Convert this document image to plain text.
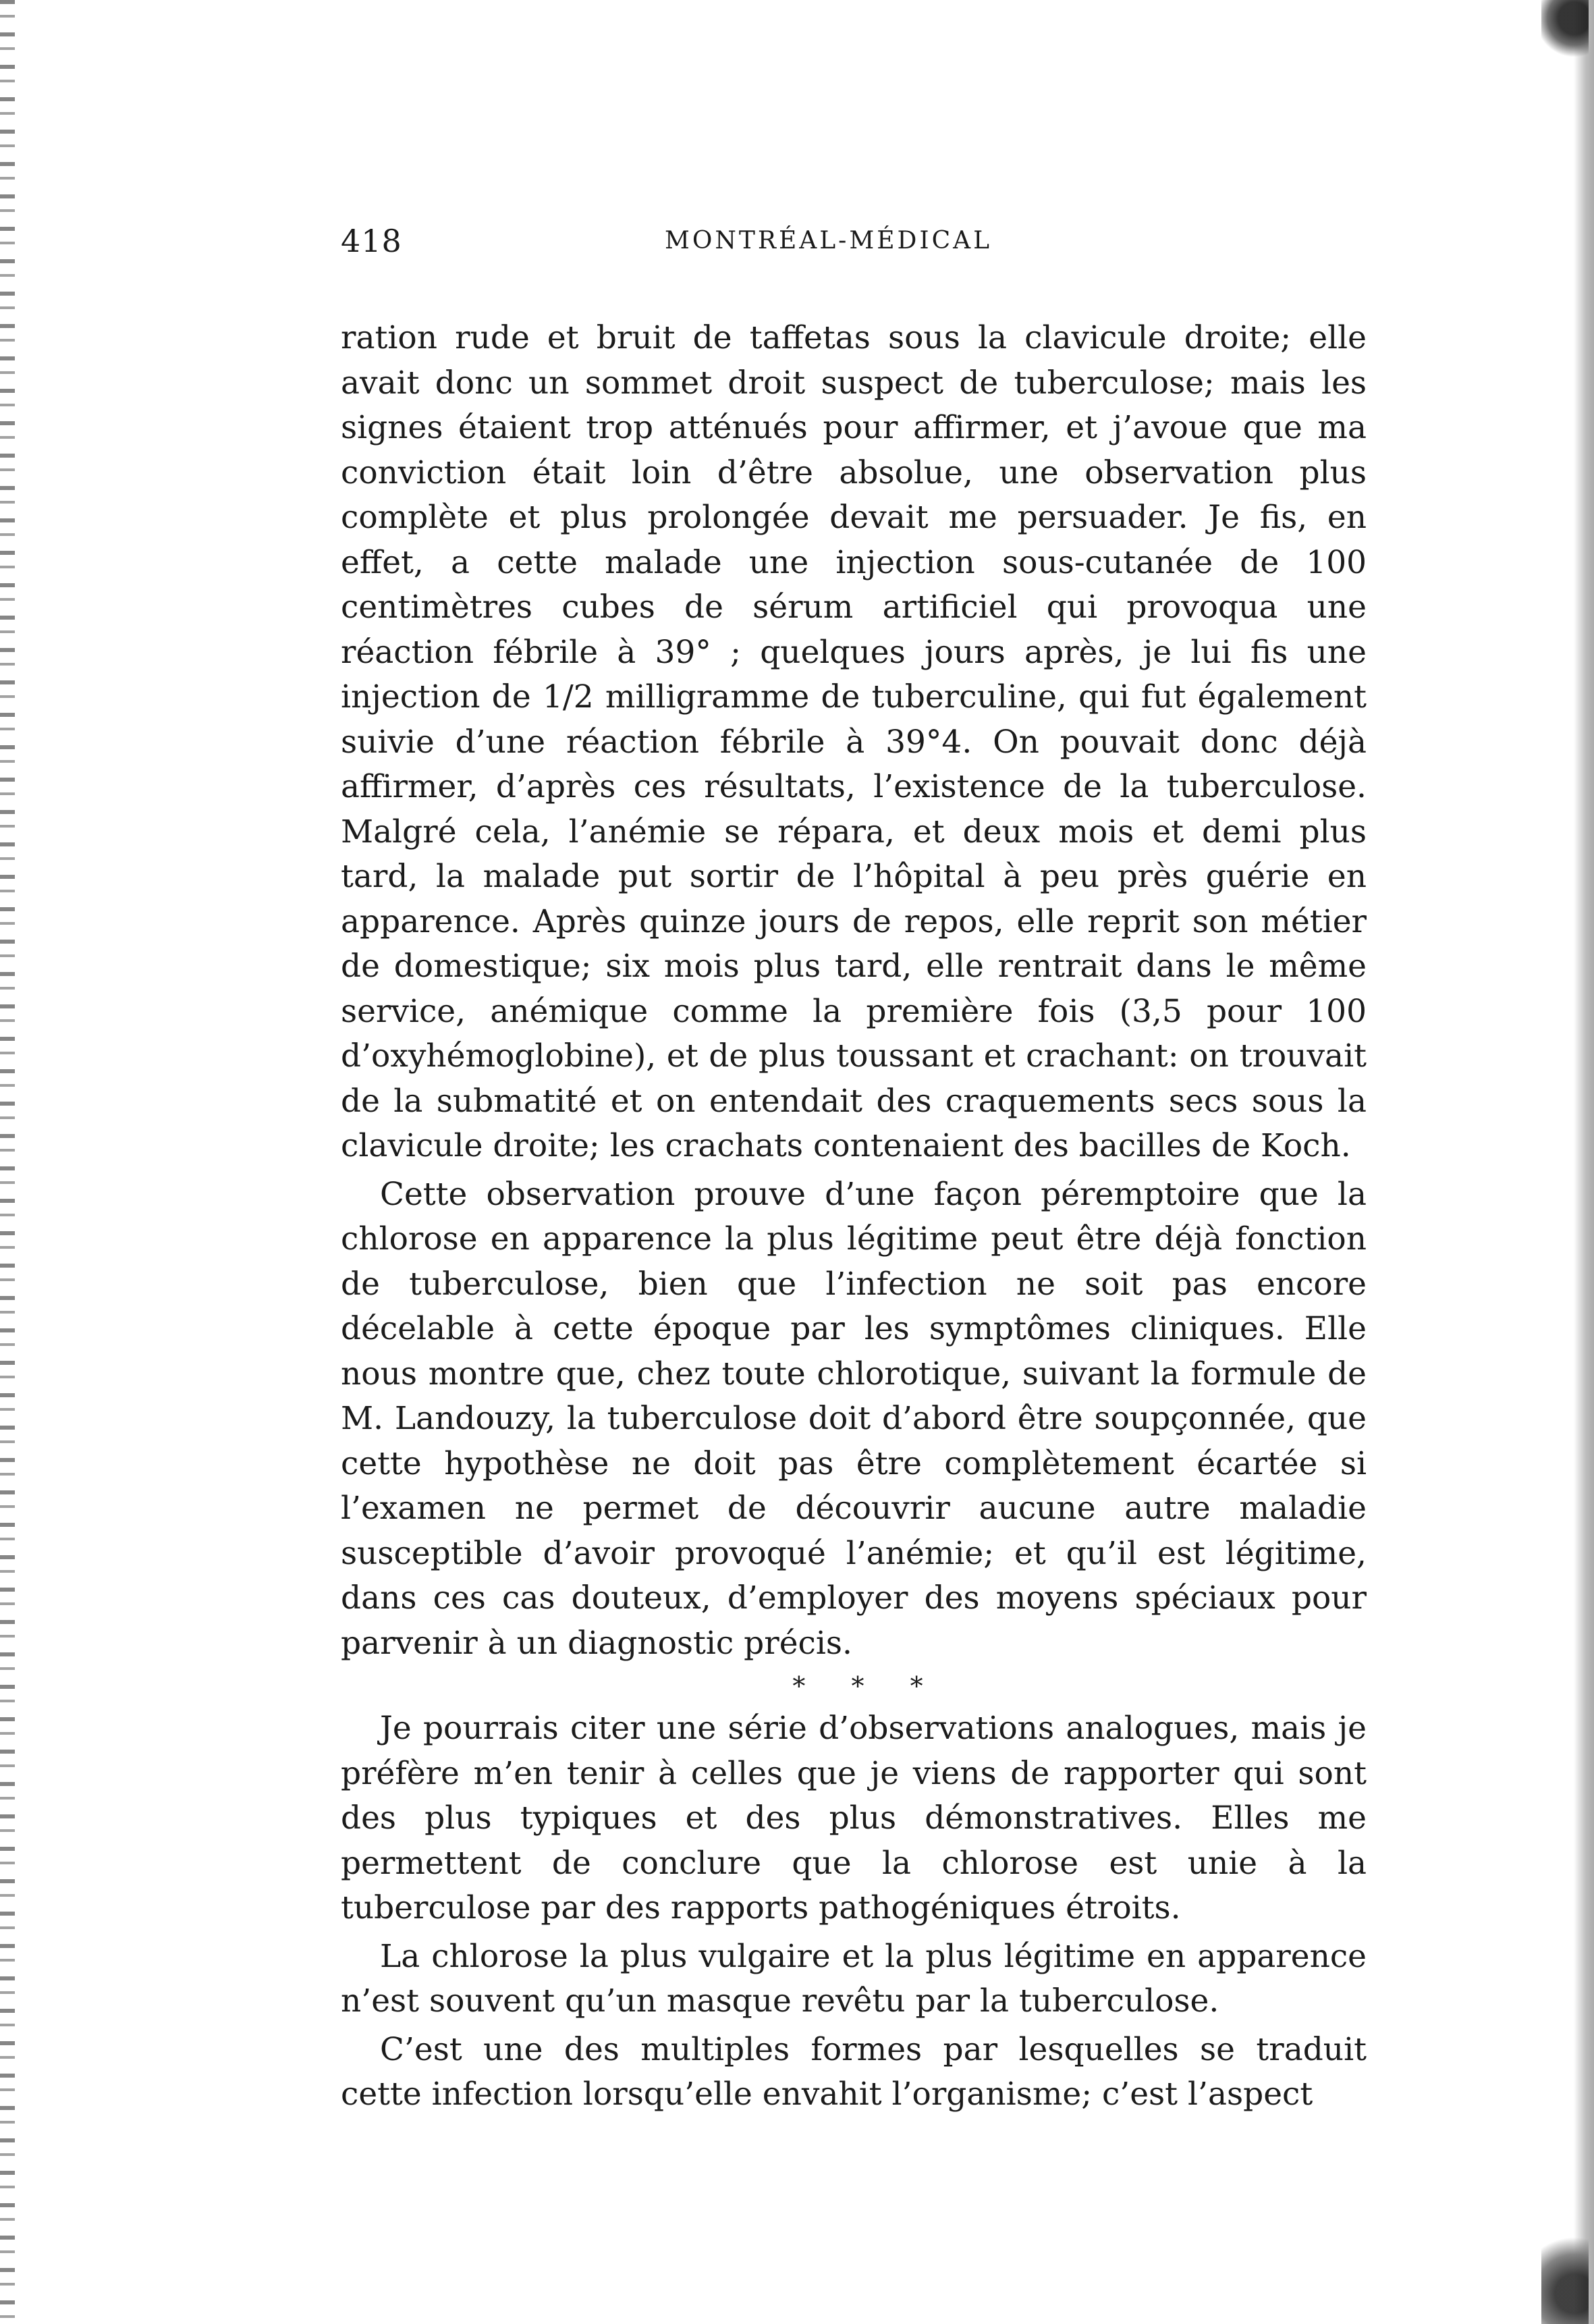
418	MONTRÉAL-MÉDICAL

ration rude et bruit de taffetas sous la clavicule droite; elle avait donc un sommet droit suspect de tuberculose; mais les signes étaient trop atténués pour affirmer, et j’avoue que ma conviction était loin d’être absolue, une observation plus complète et plus prolongée devait me persuader. Je fis, en effet, a cette malade une injection sous-cutanée de 100 centimètres cubes de sérum artificiel qui provoqua une réaction fébrile à 39° ; quelques jours après, je lui fis une injection de 1/2 milligramme de tuberculine, qui fut également suivie d’une réaction fébrile à 39°4. On pouvait donc déjà affirmer, d’après ces résultats, l’existence de la tuberculose. Malgré cela, l’anémie se répara, et deux mois et demi plus tard, la malade put sortir de l’hôpital à peu près guérie en apparence. Après quinze jours de repos, elle reprit son métier de domestique; six mois plus tard, elle rentrait dans le même service, anémique comme la première fois (3,5 pour 100 d’oxyhémoglobine), et de plus toussant et crachant: on trouvait de la submatité et on entendait des craquements secs sous la clavicule droite; les crachats contenaient des bacilles de Koch.

Cette observation prouve d’une façon péremptoire que la chlorose en apparence la plus légitime peut être déjà fonction de tuberculose, bien que l’infection ne soit pas encore décelable à cette époque par les symptômes cliniques. Elle nous montre que, chez toute chlorotique, suivant la formule de M. Landouzy, la tuberculose doit d’abord être soupçonnée, que cette hypothèse ne doit pas être complètement écartée si l’examen ne permet de découvrir aucune autre maladie susceptible d’avoir provoqué l’anémie; et qu’il est légitime, dans ces cas douteux, d’employer des moyens spéciaux pour parvenir à un diagnostic précis.

* * *

Je pourrais citer une série d’observations analogues, mais je préfère m’en tenir à celles que je viens de rapporter qui sont des plus typiques et des plus démonstratives. Elles me permettent de conclure que la chlorose est unie à la tuberculose par des rapports pathogéniques étroits.

La chlorose la plus vulgaire et la plus légitime en apparence n’est souvent qu’un masque revêtu par la tuberculose.

C’est une des multiples formes par lesquelles se traduit cette infection lorsqu’elle envahit l’organisme; c’est l’aspect
